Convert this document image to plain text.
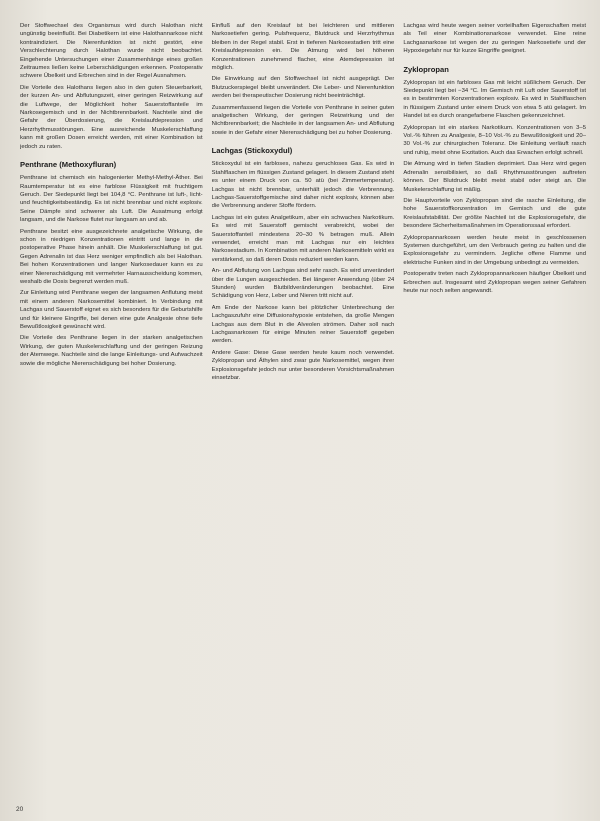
Der Stoffwechsel des Organismus wird durch Halothan nicht ungünstig beeinflußt. Bei Diabetikern ist eine Halothannarkose nicht kontraindiziert. Die Nierenfunktion ist nicht gestört, eine Verschlechterung durch Halothan wurde nicht beobachtet. Eingehende Untersuchungen einer Zusammenhänge eines großen Zeitraumes ließen keine Leberschädigungen erkennen. Postoperativ schwere Übelkeit und Erbrechen sind in der Regel Ausnahmen.

Die Vorteile des Halothans liegen also in den guten Steuerbarkeit, der kurzen An- und Abflutungszeit, einer geringen Reizwirkung auf die Luftwege, der Möglichkeit hoher Sauerstoffanteile im Narkosegemisch und in der Nichtbrennbarkeit. Nachteile sind die Gefahr der Überdosierung, die Kreislaufdepression und Herzrhythmusstörungen. Eine ausreichende Muskelerschlaffung kann mit großen Dosen erreicht werden, mit einer Kombination ist jedoch zu raten.

Penthrane (Methoxyfluran)

Penthrane ist chemisch ein halogenierter Methyl-Methyl-Äther. Bei Raumtemperatur ist es eine farblose Flüssigkeit mit fruchtigem Geruch. Der Siedepunkt liegt bei 104,8 °C. Penthrane ist luft-, licht- und feuchtigkeitsbeständig. Es ist nicht brennbar und nicht explosiv. Seine Dämpfe sind schwerer als Luft. Die Ausatmung erfolgt langsam, und die Narkose flutet nur langsam an und ab.

Penthrane besitzt eine ausgezeichnete analgetische Wirkung, die schon in niedrigen Konzentrationen eintritt und lange in die postoperative Phase hinein anhält. Die Muskelerschlaffung ist gut. Gegen Adrenalin ist das Herz weniger empfindlich als bei Halothan. Bei hohen Konzentrationen und langer Narkosedauer kann es zu einer Nierenschädigung mit vermehrter Harnausscheidung kommen, weshalb die Dosis begrenzt werden muß.

Zur Einleitung wird Penthrane wegen der langsamen Anflutung meist mit einem anderen Narkosemittel kombiniert. In Verbindung mit Lachgas und Sauerstoff eignet es sich besonders für die Geburtshilfe und für kleinere Eingriffe, bei denen eine gute Analgesie ohne tiefe Bewußtlosigkeit gewünscht wird.

Die Vorteile des Penthrane liegen in der starken analgetischen Wirkung, der guten Muskelerschlaffung und der geringen Reizung der Atemwege. Nachteile sind die lange Einleitungs- und Aufwachzeit sowie die mögliche Nierenschädigung bei hoher Dosierung.

Einfluß auf den Kreislauf ist bei leichteren und mittleren Narkosetiefen gering. Pulsfrequenz, Blutdruck und Herzrhythmus bleiben in der Regel stabil. Erst in tieferen Narkosestadien tritt eine Kreislaufdepression ein. Die Atmung wird bei höheren Konzentrationen zunehmend flacher, eine Atemdepression ist möglich.

Die Einwirkung auf den Stoffwechsel ist nicht ausgeprägt. Der Blutzuckerspiegel bleibt unverändert. Die Leber- und Nierenfunktion werden bei therapeutischer Dosierung nicht beeinträchtigt.

Zusammenfassend liegen die Vorteile von Penthrane in seiner guten analgetischen Wirkung, der geringen Reizwirkung und der Nichtbrennbarkeit; die Nachteile in der langsamen An- und Abflutung sowie in der Gefahr einer Nierenschädigung bei zu hoher Dosierung.

Lachgas (Stickoxydul)

Stickoxydul ist ein farbloses, nahezu geruchloses Gas. Es wird in Stahlflaschen im flüssigen Zustand gelagert. In diesem Zustand steht es unter einem Druck von ca. 50 atü (bei Zimmertemperatur). Lachgas ist nicht brennbar, unterhält jedoch die Verbrennung. Lachgas-Sauerstoffgemische sind daher nicht explosiv, können aber die Verbrennung anderer Stoffe fördern.

Lachgas ist ein gutes Analgetikum, aber ein schwaches Narkotikum. Es wird mit Sauerstoff gemischt verabreicht, wobei der Sauerstoffanteil mindestens 20–30 % betragen muß. Allein verwendet, erreicht man mit Lachgas nur ein leichtes Narkosestadium. In Kombination mit anderen Narkosemitteln wirkt es verstärkend, so daß deren Dosis reduziert werden kann.

An- und Abflutung von Lachgas sind sehr rasch. Es wird unverändert über die Lungen ausgeschieden. Bei längerer Anwendung (über 24 Stunden) wurden Blutbildveränderungen beobachtet. Eine Schädigung von Herz, Leber und Nieren tritt nicht auf.

Am Ende der Narkose kann bei plötzlicher Unterbrechung der Lachgaszufuhr eine Diffusionshypoxie entstehen, da große Mengen Lachgas aus dem Blut in die Alveolen strömen. Daher soll nach Lachgasnarkosen für einige Minuten reiner Sauerstoff gegeben werden.

Andere Gase: Diese Gase werden heute kaum noch verwendet. Zyklopropan und Äthylen sind zwar gute Narkosemittel, wegen ihrer Explosionsgefahr jedoch nur unter besonderen Vorsichtsmaßnahmen einsetzbar.

Lachgas wird heute wegen seiner vorteilhaften Eigenschaften meist als Teil einer Kombinationsnarkose verwendet. Eine reine Lachgasnarkose ist wegen der zu geringen Narkosetiefe und der Hypoxiegefahr nur für kurze Eingriffe geeignet.

Zyklopropan

Zyklopropan ist ein farbloses Gas mit leicht süßlichem Geruch. Der Siedepunkt liegt bei −34 °C. Im Gemisch mit Luft oder Sauerstoff ist es in bestimmten Konzentrationen explosiv. Es wird in Stahlflaschen in flüssigem Zustand unter einem Druck von etwa 5 atü gelagert. Im Handel ist es durch orangefarbene Flaschen gekennzeichnet.

Zyklopropan ist ein starkes Narkotikum. Konzentrationen von 3–5 Vol.-% führen zu Analgesie, 8–10 Vol.-% zu Bewußtlosigkeit und 20–30 Vol.-% zur chirurgischen Toleranz. Die Einleitung verläuft rasch und ruhig, meist ohne Exzitation. Auch das Erwachen erfolgt schnell.

Die Atmung wird in tiefen Stadien deprimiert. Das Herz wird gegen Adrenalin sensibilisiert, so daß Rhythmusstörungen auftreten können. Der Blutdruck bleibt meist stabil oder steigt an. Die Muskelerschlaffung ist mäßig.

Die Hauptvorteile von Zyklopropan sind die rasche Einleitung, die hohe Sauerstoffkonzentration im Gemisch und die gute Kreislaufstabilität. Der größte Nachteil ist die Explosionsgefahr, die besondere Sicherheitsmaßnahmen im Operationssaal erfordert.

Zyklopropannarkosen werden heute meist in geschlossenen Systemen durchgeführt, um den Verbrauch gering zu halten und die Explosionsgefahr zu vermindern. Jegliche offene Flamme und elektrische Funken sind in der Umgebung unbedingt zu vermeiden.

Postoperativ treten nach Zyklopropannarkosen häufiger Übelkeit und Erbrechen auf. Insgesamt wird Zyklopropan wegen seiner Gefahren heute nur noch selten angewandt.

20
